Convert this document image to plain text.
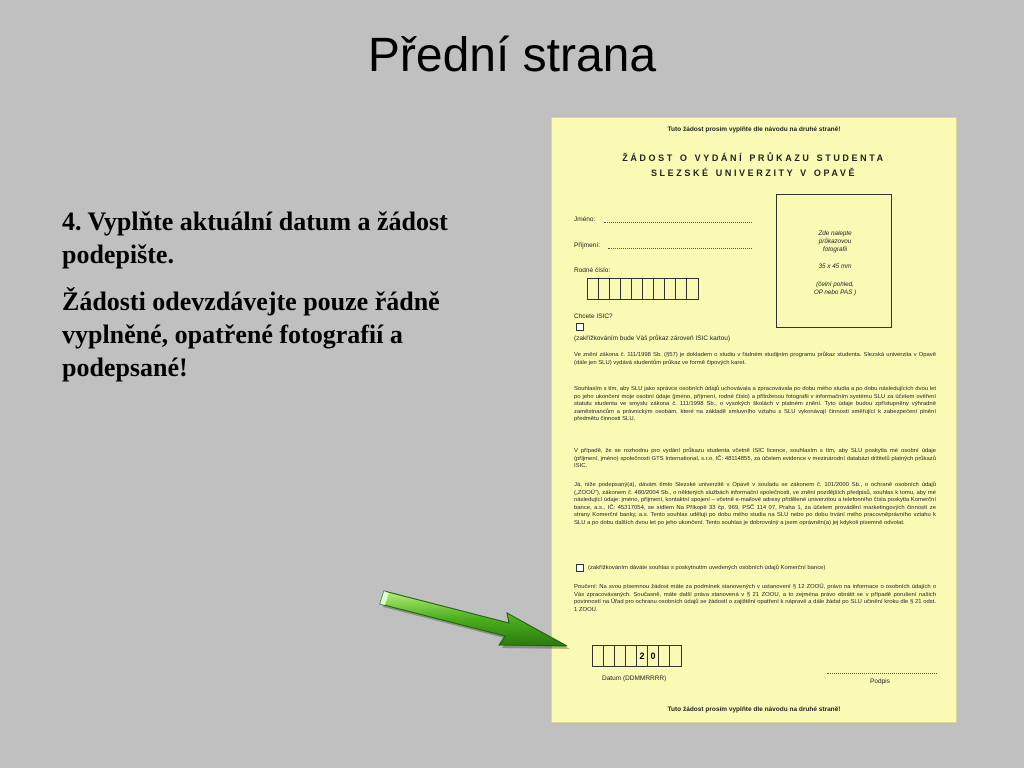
Přední strana

4. Vyplňte aktuální datum a žádost podepište.

Žádosti odevzdávejte pouze řádně vyplněné, opatřené fotografií a podepsané!

Tuto žádost prosím vyplňte dle návodu na druhé straně!
ŽÁDOST O VYDÁNÍ PRŮKAZU STUDENTA
SLEZSKÉ UNIVERZITY V OPAVĚ
Jméno:
Příjmení:
Rodné číslo:
Zde nalepte
průkazovou
fotografii
35 x 45 mm
(čelní pohled,
OP nebo PAS )
Chcete ISIC?
(zakřížkováním bude Váš průkaz zároveň ISIC kartou)
Ve znění zákona č. 111/1998 Sb. (§57) je dokladem o studiu v řádném studijním programu průkaz studenta. Slezská univerzita v Opavě (dále jen SLU) vydává studentům průkaz ve formě čipových karet.
Souhlasím s tím, aby SLU jako správce osobních údajů uchovávala a zpracovávala po dobu mého studia a po dobu následujících dvou let po jeho ukončení moje osobní údaje (jméno, příjmení, rodné číslo) a přiloženou fotografii v informačním systému SLU za účelem ověření statutu studenta ve smyslu zákona č. 111/1998 Sb., o vysokých školách v platném znění. Tyto údaje budou zpřístupněny výhradně zaměstnancům a právnickým osobám, které na základě smluvního vztahu s SLU vykonávají činnosti směřující k zabezpečení plnění předmětu činnosti SLU.
V případě, že se rozhodnu pro vydání průkazu studenta včetně ISIC licence, souhlasím s tím, aby SLU poskytla mé osobní údaje (příjmení, jméno) společnosti GTS International, s.r.o, IČ: 48114855, za účelem evidence v mezinárodní databázi držitelů platných průkazů ISIC.
Já, níže podepsaný(á), dávám tímto Slezské univerzitě v Opavě v souladu se zákonem č. 101/2000 Sb., o ochraně osobních údajů („ZOOÚ“), zákonem č. 480/2004 Sb., o některých službách informační společnosti, ve znění pozdějších předpisů, souhlas k tomu, aby mé následující údaje: jméno, příjmení, kontaktní spojení – včetně e-mailové adresy přidělené univerzitou a telefonního čísla poskytla Komerční bance, a.s., IČ: 45317054, se sídlem Na Příkopě 33 čp. 969, PSČ 114 07, Praha 1, za účelem provádění marketingových činností ze strany Komerční banky, a.s. Tento souhlas uděluji po dobu mého studia na SLU nebo po dobu trvání mého pracovněprávního vztahu k SLU a po dobu dalších dvou let po jeho ukončení. Tento souhlas je dobrovolný a jsem oprávněn(a) jej kdykoli písemně odvolat.
(zakřížkováním dáváte souhlas s poskytnutím uvedených osobních údajů Komerční bance)
Poučení: Na svou písemnou žádost máte za podmínek stanovených v ustanovení § 12 ZOOÚ, právo na informace o osobních údajích o Vás zpracovávaných. Současně, máte další práva stanovená v § 21 ZOOU, a to zejména právo obrátit se v případě porušení našich povinností na Úřad pro ochranu osobních údajů se žádostí o zajištění opatření k nápravě a dále žádat po SLU učinění kroku dle § 21 odst. 1 ZOOU.
2 0
Datum (DDMMRRRR)	Podpis
Tuto žádost prosím vyplňte dle návodu na druhé straně!
